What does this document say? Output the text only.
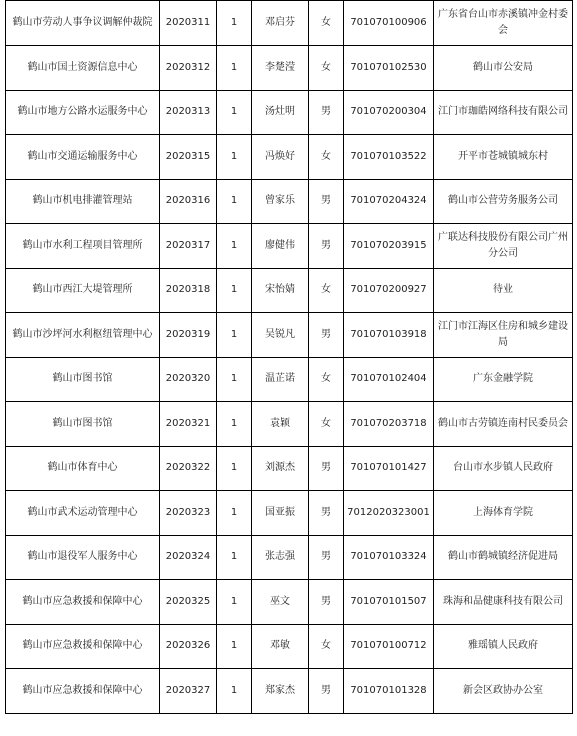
鹤山市劳动人事争议调解仲裁院	2020311	1	邓启芬	女	701070100906	广东省台山市赤溪镇冲金村委会
鹤山市国土资源信息中心	2020312	1	李楚滢	女	701070102530	鹤山市公安局
鹤山市地方公路水运服务中心	2020313	1	汤灶明	男	701070200304	江门市珈皓网络科技有限公司
鹤山市交通运输服务中心	2020315	1	冯焕好	女	701070103522	开平市苍城镇城东村
鹤山市机电排灌管理站	2020316	1	曾家乐	男	701070204324	鹤山市公营劳务服务公司
鹤山市水利工程项目管理所	2020317	1	廖健伟	男	701070203915	广联达科技股份有限公司广州分公司
鹤山市西江大堤管理所	2020318	1	宋怡婧	女	701070200927	待业
鹤山市沙坪河水利枢纽管理中心	2020319	1	吴锐凡	男	701070103918	江门市江海区住房和城乡建设局
鹤山市图书馆	2020320	1	温芷诺	女	701070102404	广东金融学院
鹤山市图书馆	2020321	1	袁颖	女	701070203718	鹤山市古劳镇连南村民委员会
鹤山市体育中心	2020322	1	刘源杰	男	701070101427	台山市水步镇人民政府
鹤山市武术运动管理中心	2020323	1	国亚振	男	7012020323001	上海体育学院
鹤山市退役军人服务中心	2020324	1	张志强	男	701070103324	鹤山市鹤城镇经济促进局
鹤山市应急救援和保障中心	2020325	1	巫文	男	701070101507	珠海和品健康科技有限公司
鹤山市应急救援和保障中心	2020326	1	邓敏	女	701070100712	雅瑶镇人民政府
鹤山市应急救援和保障中心	2020327	1	郑家杰	男	701070101328	新会区政协办公室
